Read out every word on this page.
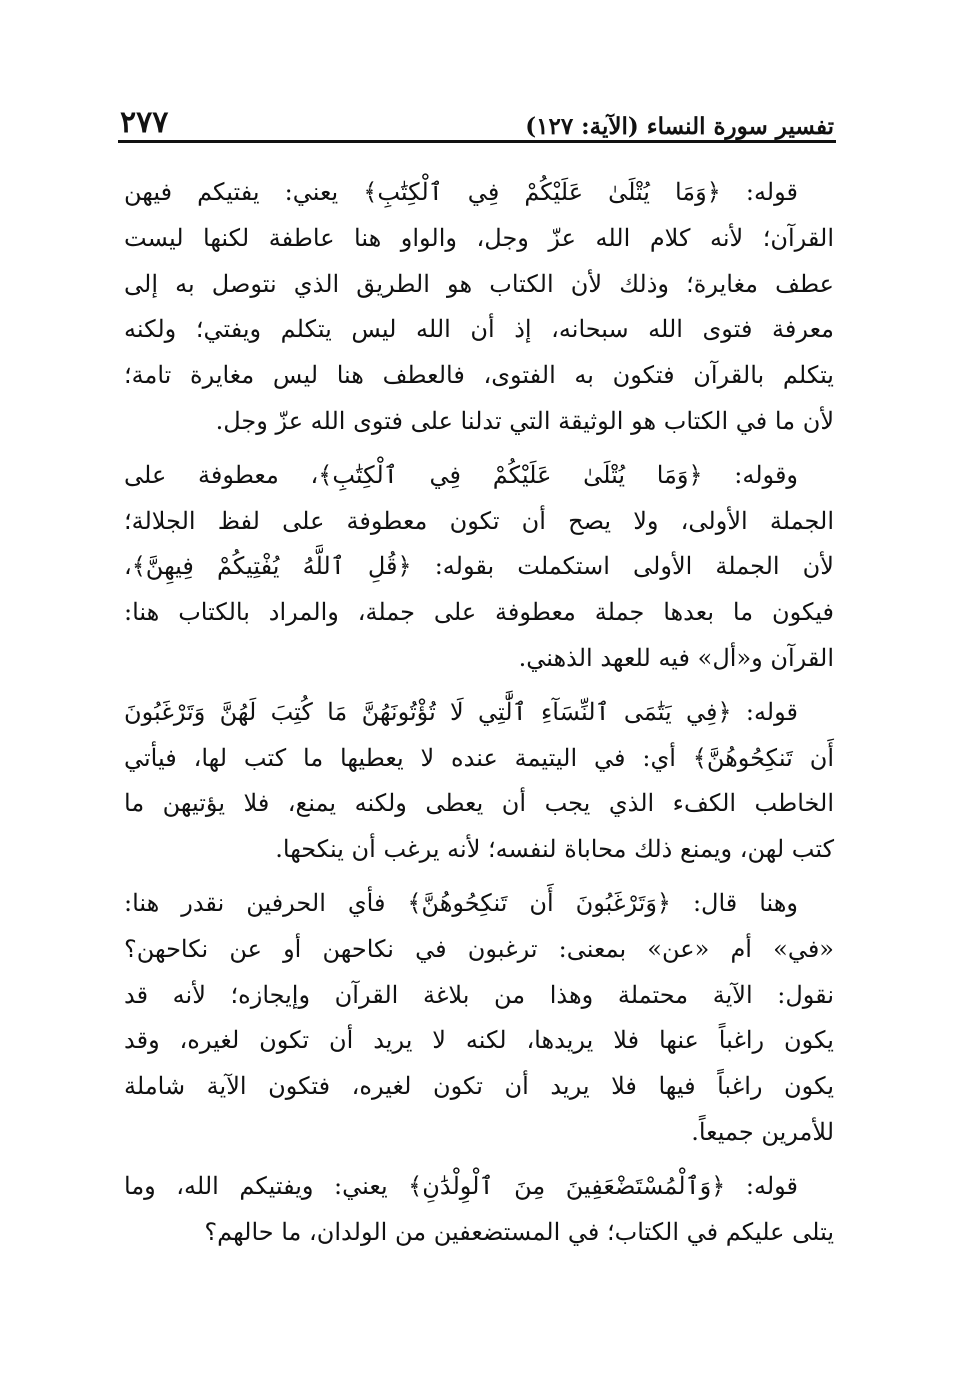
تفسير سورة النساء (الآية: ١٢٧)
٢٧٧

قوله: ﴿وَمَا يُتْلَىٰ عَلَيْكُمْ فِي ٱلْكِتَٰبِ﴾ يعني: يفتيكم فيهن
القرآن؛ لأنه كلام الله عزّ وجل، والواو هنا عاطفة لكنها ليست
عطف مغايرة؛ وذلك لأن الكتاب هو الطريق الذي نتوصل به إلى
معرفة فتوى الله سبحانه، إذ أن الله ليس يتكلم ويفتي؛ ولكنه
يتكلم بالقرآن فتكون به الفتوى، فالعطف هنا ليس مغايرة تامة؛
لأن ما في الكتاب هو الوثيقة التي تدلنا على فتوى الله عزّ وجل.

وقوله: ﴿وَمَا يُتْلَىٰ عَلَيْكُمْ فِي ٱلْكِتَٰبِ﴾، معطوفة على
الجملة الأولى، ولا يصح أن تكون معطوفة على لفظ الجلالة؛
لأن الجملة الأولى استكملت بقوله: ﴿قُلِ ٱللَّهُ يُفْتِيكُمْ فِيهِنَّ﴾،
فيكون ما بعدها جملة معطوفة على جملة، والمراد بالكتاب هنا:
القرآن و«أل» فيه للعهد الذهني.

قوله: ﴿فِي يَتَٰمَى ٱلنِّسَآءِ ٱلَّٰتِي لَا تُؤْتُونَهُنَّ مَا كُتِبَ لَهُنَّ وَتَرْغَبُونَ
أَن تَنكِحُوهُنَّ﴾ أي: في اليتيمة عنده لا يعطيها ما كتب لها، فيأتي
الخاطب الكفء الذي يجب أن يعطى ولكنه يمنع، فلا يؤتيهن ما
كتب لهن، ويمنع ذلك محاباة لنفسه؛ لأنه يرغب أن ينكحها.

وهنا قال: ﴿وَتَرْغَبُونَ أَن تَنكِحُوهُنَّ﴾ فأي الحرفين نقدر هنا:
«في» أم «عن» بمعنى: ترغبون في نكاحهن أو عن نكاحهن؟
نقول: الآية محتملة وهذا من بلاغة القرآن وإيجازه؛ لأنه قد
يكون راغباً عنها فلا يريدها، لكنه لا يريد أن تكون لغيره، وقد
يكون راغباً فيها فلا يريد أن تكون لغيره، فتكون الآية شاملة
للأمرين جميعاً.

قوله: ﴿وَٱلْمُسْتَضْعَفِينَ مِنَ ٱلْوِلْدَٰنِ﴾ يعني: ويفتيكم الله، وما
يتلى عليكم في الكتاب؛ في المستضعفين من الولدان، ما حالهم؟
